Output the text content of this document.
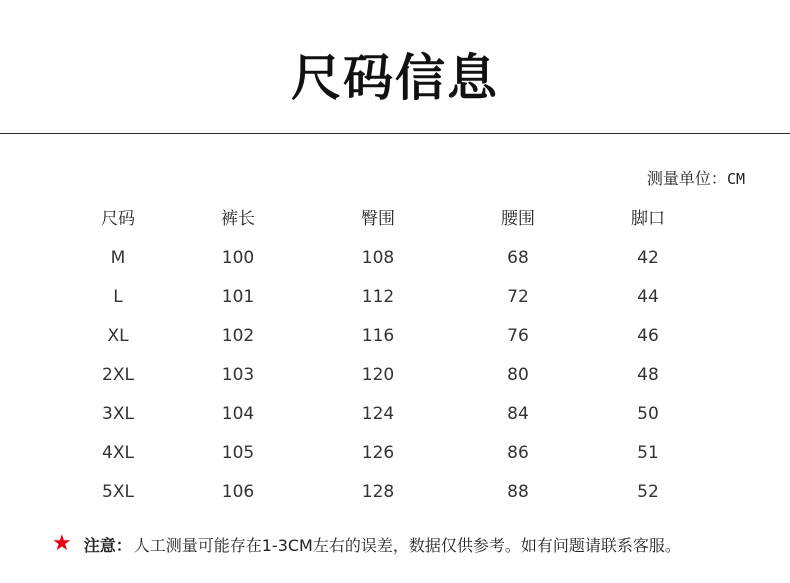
尺码信息
测量单位：CM
尺码	裤长	臀围	腰围	脚口
M	100	108	68	42
L	101	112	72	44
XL	102	116	76	46
2XL	103	120	80	48
3XL	104	124	84	50
4XL	105	126	86	51
5XL	106	128	88	52
★ 注意： 人工测量可能存在1-3CM左右的误差，数据仅供参考。如有问题请联系客服。
